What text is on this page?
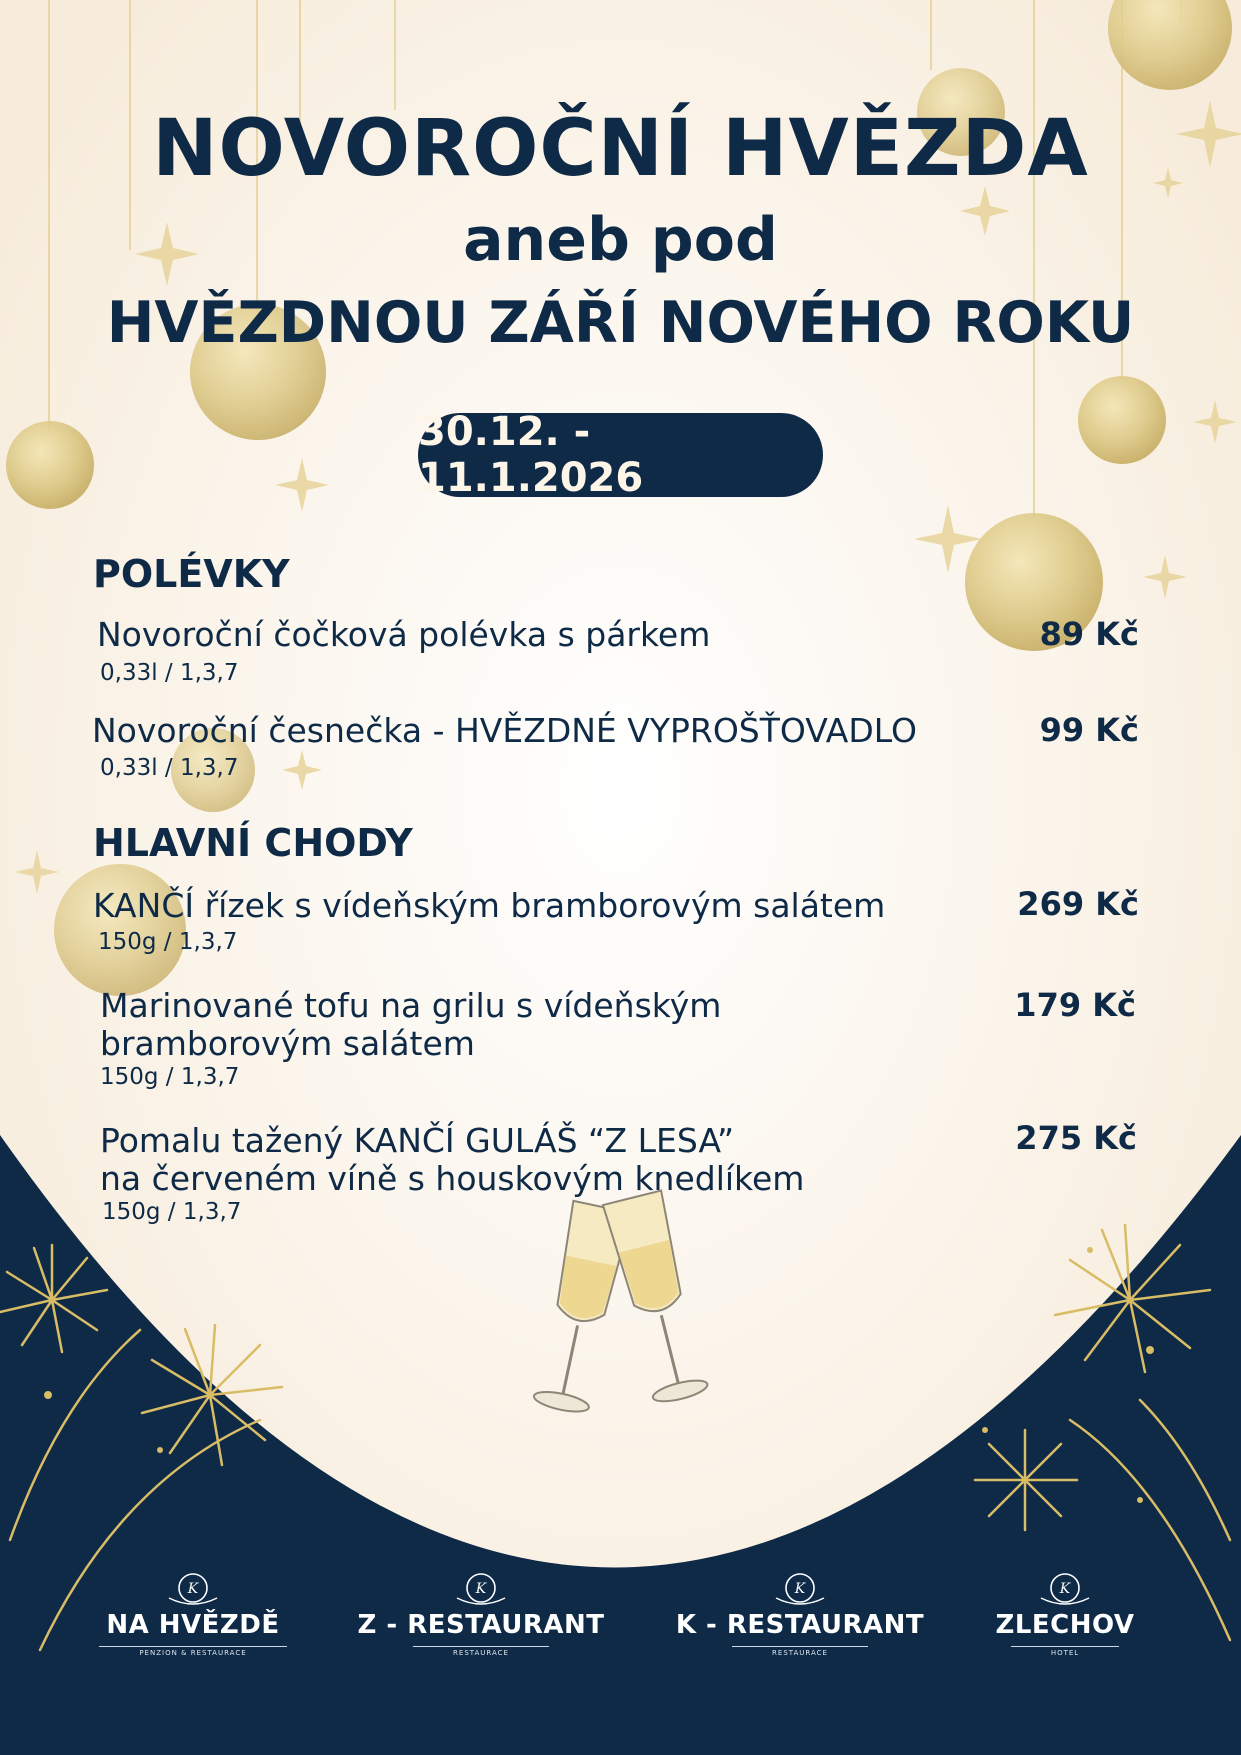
NOVOROČNÍ HVĚZDA
aneb pod
HVĚZDNOU ZÁŘÍ NOVÉHO ROKU
30.12. - 11.1.2026
POLÉVKY
Novoroční čočková polévka s párkem
0,33l / 1,3,7
89 Kč
Novoroční česnečka - HVĚZDNÉ VYPROŠŤOVADLO
0,33l / 1,3,7
99 Kč
HLAVNÍ CHODY
KANČÍ řízek s vídeňským bramborovým salátem
150g / 1,3,7
269 Kč
Marinované tofu na grilu s vídeňským
bramborovým salátem
150g / 1,3,7
179 Kč
Pomalu tažený KANČÍ GULÁŠ “Z LESA”
na červeném víně s houskovým knedlíkem
150g / 1,3,7
275 Kč
K
NA HVĚZDĚ
PENZION & RESTAURACE
K
Z - RESTAURANT
RESTAURACE
K
K - RESTAURANT
RESTAURACE
K
ZLECHOV
HOTEL
